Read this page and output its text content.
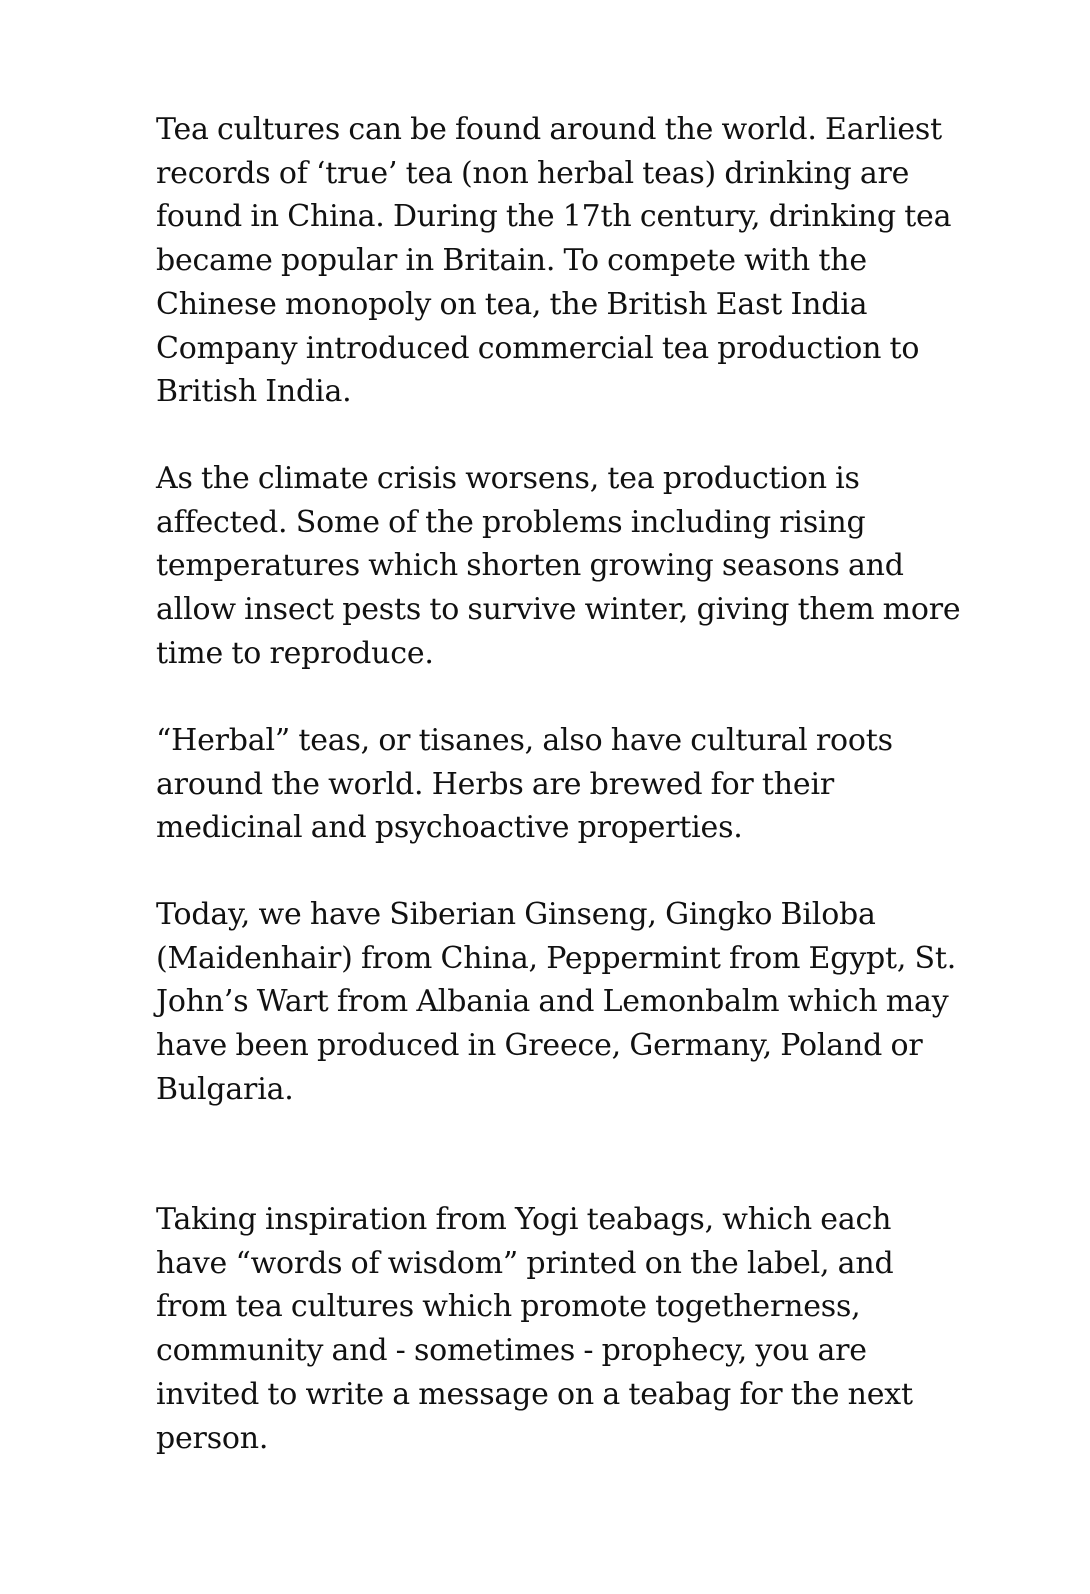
Tea cultures can be found around the world. Earliest
records of ‘true’ tea (non herbal teas) drinking are
found in China. During the 17th century, drinking tea
became popular in Britain. To compete with the
Chinese monopoly on tea, the British East India
Company introduced commercial tea production to
British India.

As the climate crisis worsens, tea production is
affected. Some of the problems including rising
temperatures which shorten growing seasons and
allow insect pests to survive winter, giving them more
time to reproduce.

“Herbal” teas, or tisanes, also have cultural roots
around the world. Herbs are brewed for their
medicinal and psychoactive properties.

Today, we have Siberian Ginseng, Gingko Biloba
(Maidenhair) from China, Peppermint from Egypt, St.
John’s Wart from Albania and Lemonbalm which may
have been produced in Greece, Germany, Poland or
Bulgaria.

Taking inspiration from Yogi teabags, which each
have “words of wisdom” printed on the label, and
from tea cultures which promote togetherness,
community and - sometimes - prophecy, you are
invited to write a message on a teabag for the next
person.
